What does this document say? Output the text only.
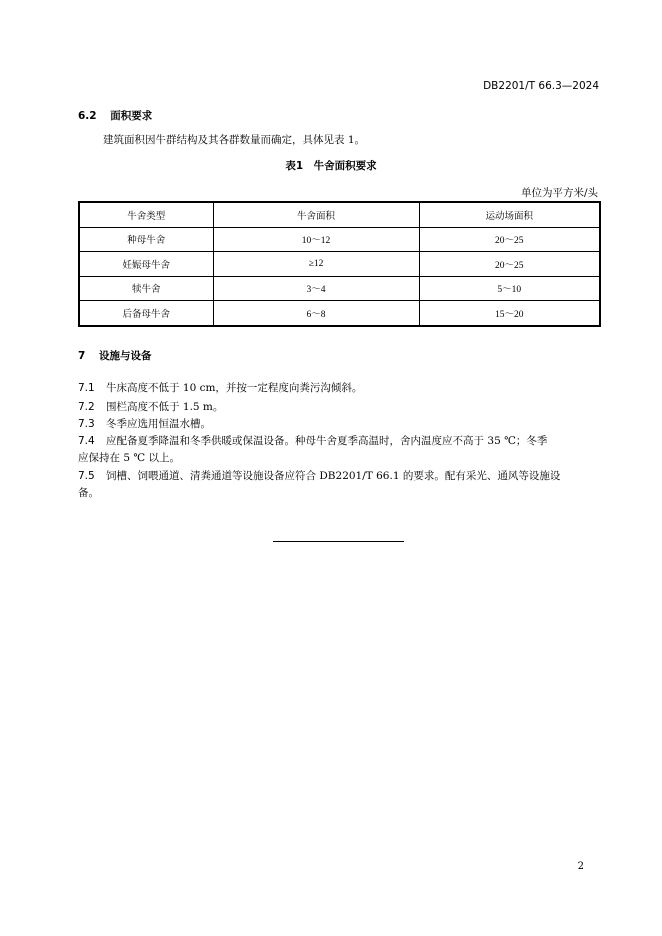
DB2201/T 66.3—2024
6.2 面积要求
建筑面积因牛群结构及其各群数量而确定，具体见表 1。
表1　牛舍面积要求
单位为平方米/头
牛舍类型	牛舍面积	运动场面积
种母牛舍	10～12	20～25
妊娠母牛舍	≥12	20～25
犊牛舍	3～4	5～10
后备母牛舍	6～8	15～20
7 设施与设备
7.1 牛床高度不低于 10 cm，并按一定程度向粪污沟倾斜。
7.2 围栏高度不低于 1.5 m。
7.3 冬季应选用恒温水槽。
7.4 应配备夏季降温和冬季供暖或保温设备。种母牛舍夏季高温时，舍内温度应不高于 35 ℃；冬季
应保持在 5 ℃ 以上。
7.5 饲槽、饲喂通道、清粪通道等设施设备应符合 DB2201/T 66.1 的要求。配有采光、通风等设施设
备。
2
